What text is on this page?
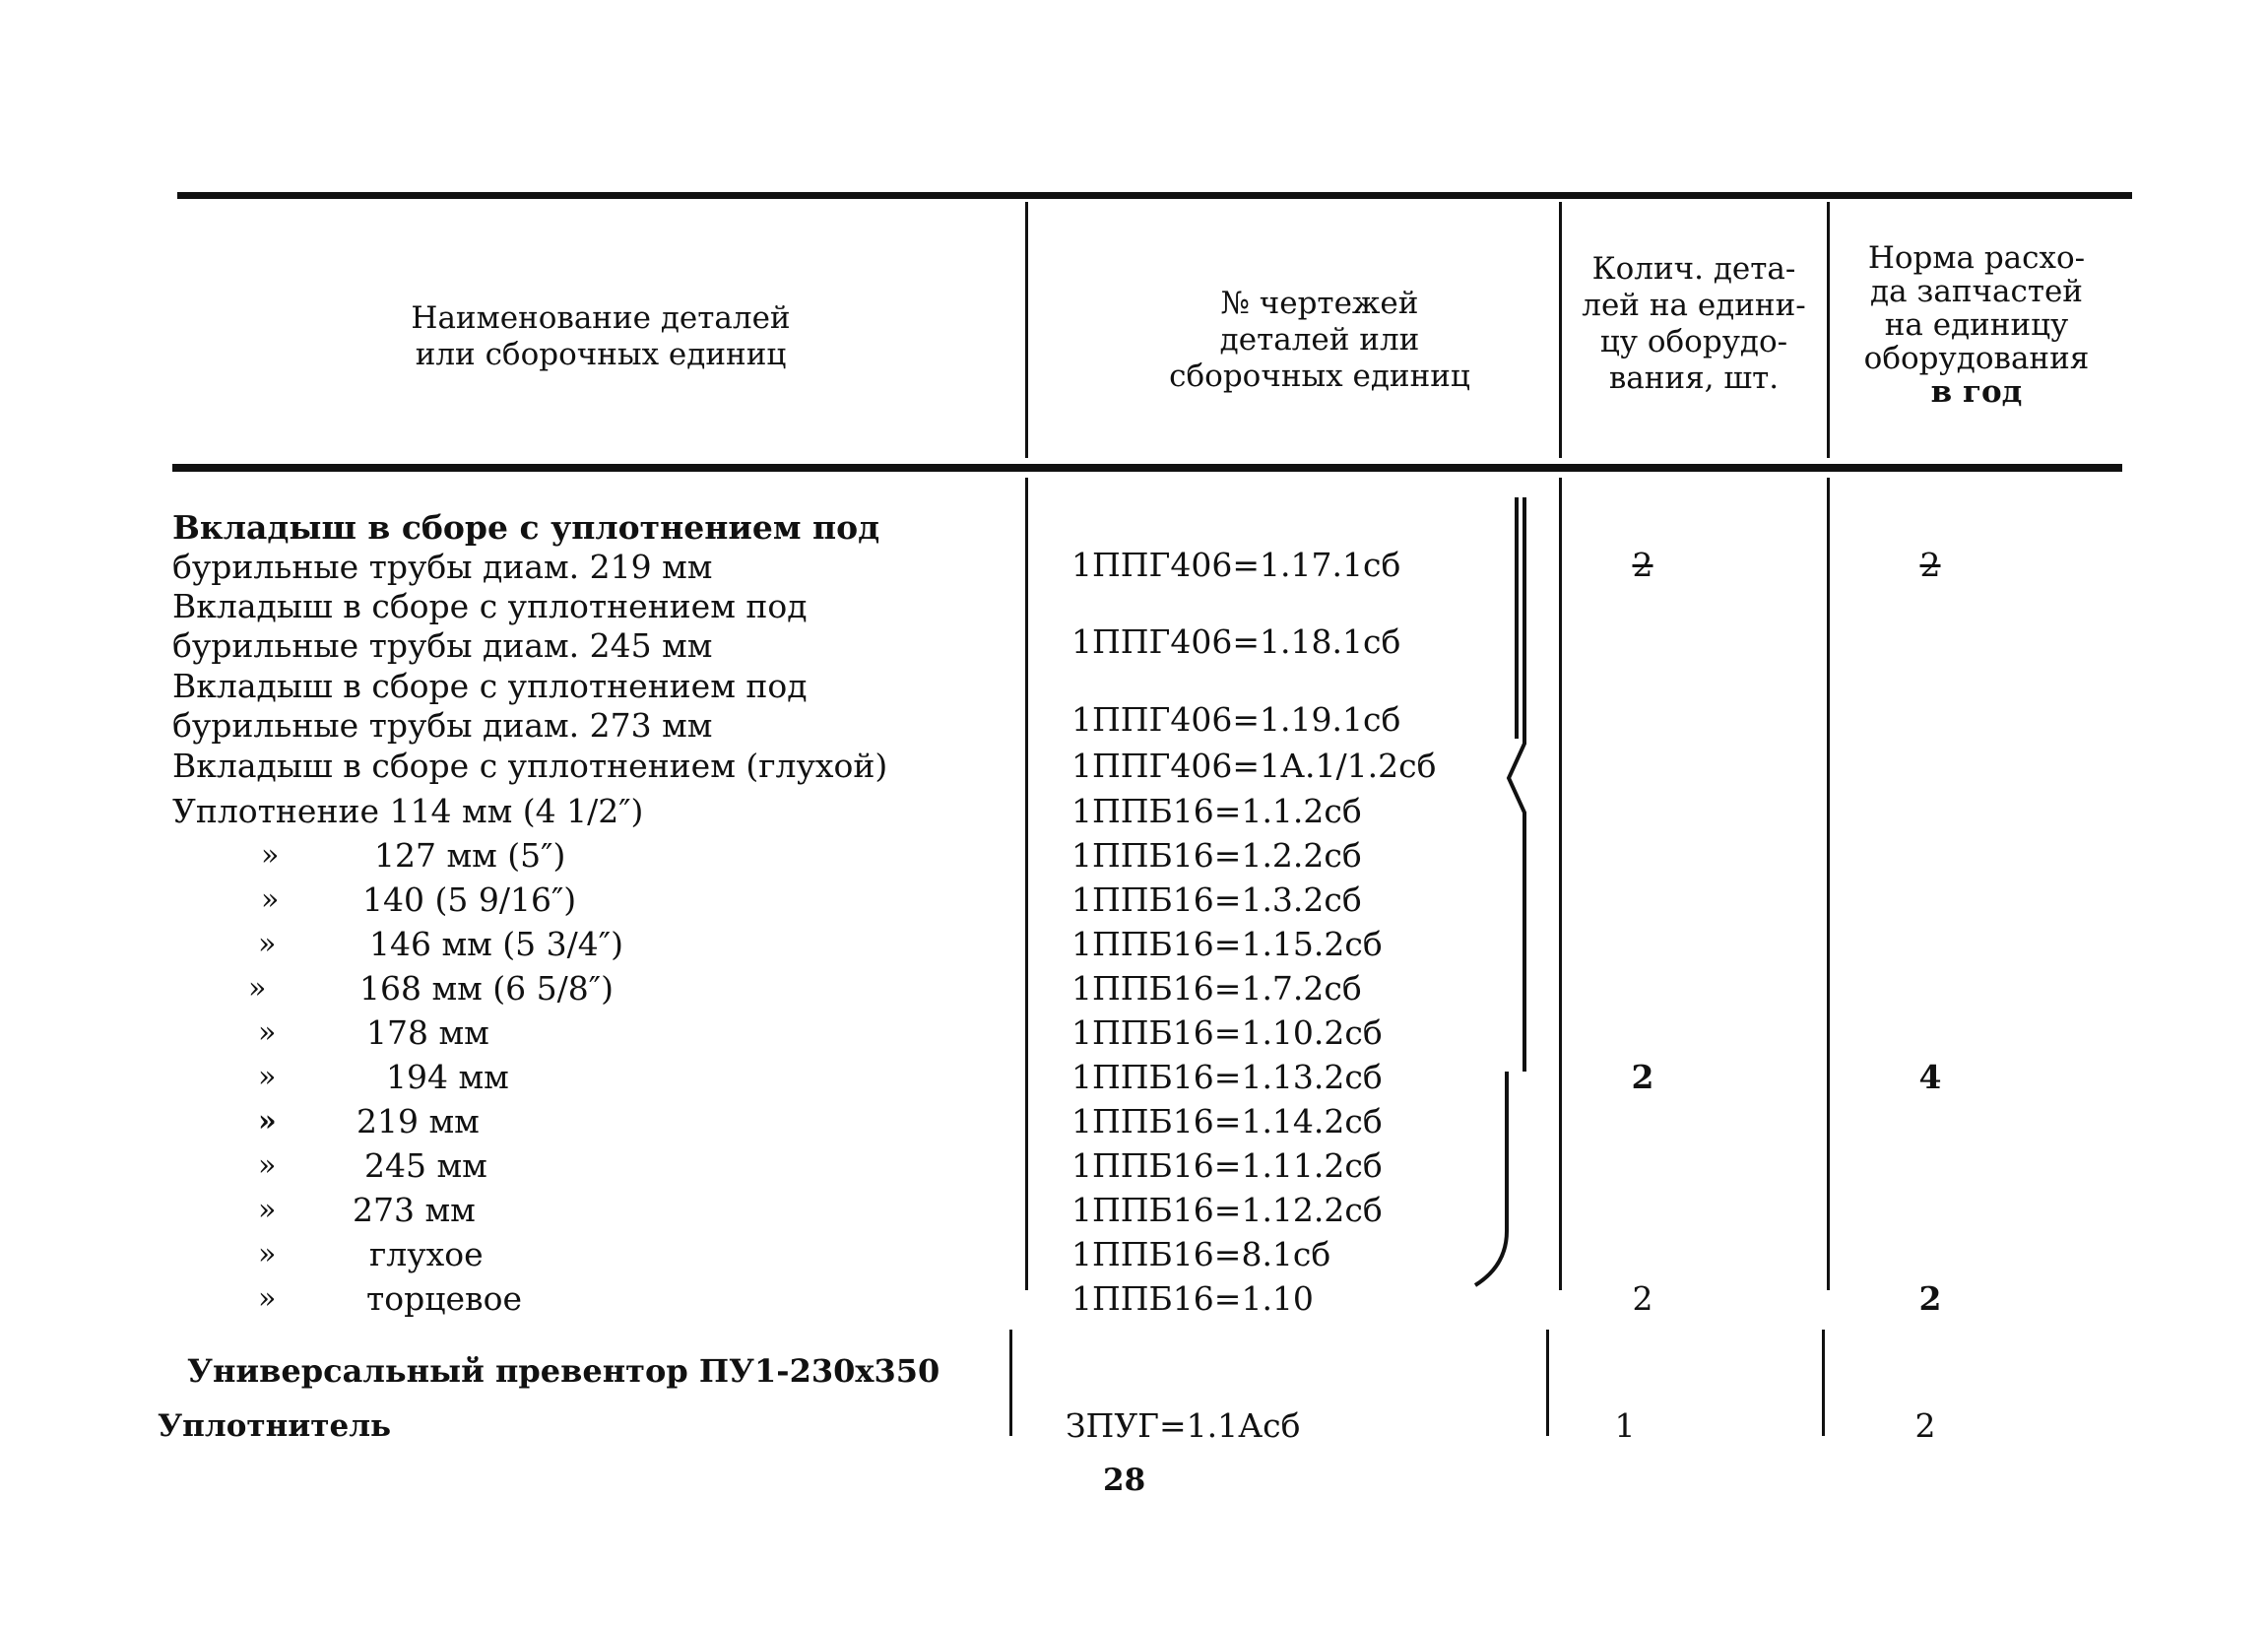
Наименование деталей
или сборочных единиц
№ чертежей
деталей или
сборочных единиц
Колич. дета-
лей на едини-
цу оборудо-
вания, шт.
Норма расхо-
да запчастей
на единицу
оборудования
в год
Вкладыш в сборе с уплотнением под
бурильные трубы диам. 219 мм	1ППГ406=1.17.1сб	2	2
Вкладыш в сборе с уплотнением под
бурильные трубы диам. 245 мм	1ППГ406=1.18.1сб
Вкладыш в сборе с уплотнением под
бурильные трубы диам. 273 мм	1ППГ406=1.19.1сб
Вкладыш в сборе с уплотнением (глухой)	1ППГ406=1А.1/1.2сб
Уплотнение 114 мм (4 1/2″)	1ППБ16=1.1.2сб
»	127 мм (5″)	1ППБ16=1.2.2сб
»	140 (5 9/16″)	1ППБ16=1.3.2сб
»	146 мм (5 3/4″)	1ППБ16=1.15.2сб
»	168 мм (6 5/8″)	1ППБ16=1.7.2сб
»	178 мм	1ППБ16=1.10.2сб
»	194 мм	1ППБ16=1.13.2сб	2	4
» 219 мм	1ППБ16=1.14.2сб
»	245 мм	1ППБ16=1.11.2сб
» 273 мм	1ППБ16=1.12.2сб
»	глухое	1ППБ16=8.1сб
»	торцевое	1ППБ16=1.10	2	2
Универсальный превентор ПУ1-230х350
Уплотнитель	ЗПУГ=1.1Асб	1	2
28
